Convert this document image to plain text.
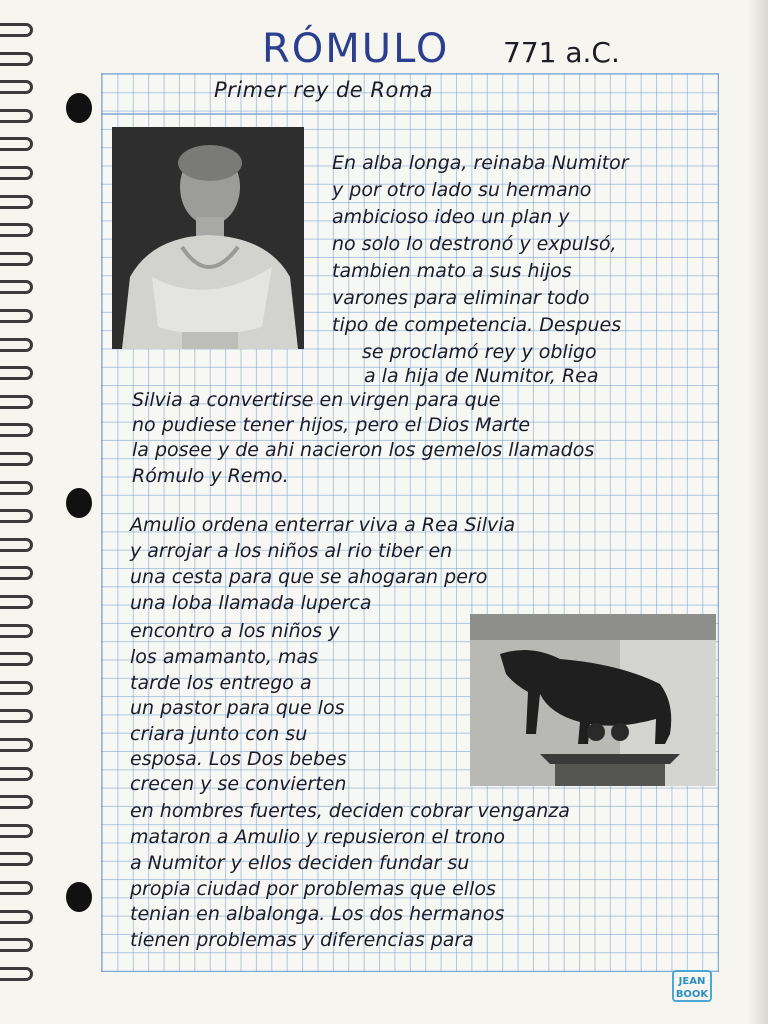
RÓMULO 771 a.C.
Primer rey de Roma
En alba longa, reinaba Numitor
y por otro lado su hermano
ambicioso ideo un plan y
no solo lo destronó y expulsó,
tambien mato a sus hijos
varones para eliminar todo
tipo de competencia. Despues
se proclamó rey y obligo
a la hija de Numitor, Rea
Silvia a convertirse en virgen para que
no pudiese tener hijos, pero el Dios Marte
la posee y de ahi nacieron los gemelos llamados
Rómulo y Remo.
Amulio ordena enterrar viva a Rea Silvia
y arrojar a los niños al rio tiber en
una cesta para que se ahogaran pero
una loba llamada luperca
encontro a los niños y
los amamanto, mas
tarde los entrego a
un pastor para que los
criara junto con su
esposa. Los Dos bebes
crecen y se convierten
en hombres fuertes, deciden cobrar venganza
mataron a Amulio y repusieron el trono
a Numitor y ellos deciden fundar su
propia ciudad por problemas que ellos
tenian en albalonga. Los dos hermanos
tienen problemas y diferencias para
JEAN
BOOK
